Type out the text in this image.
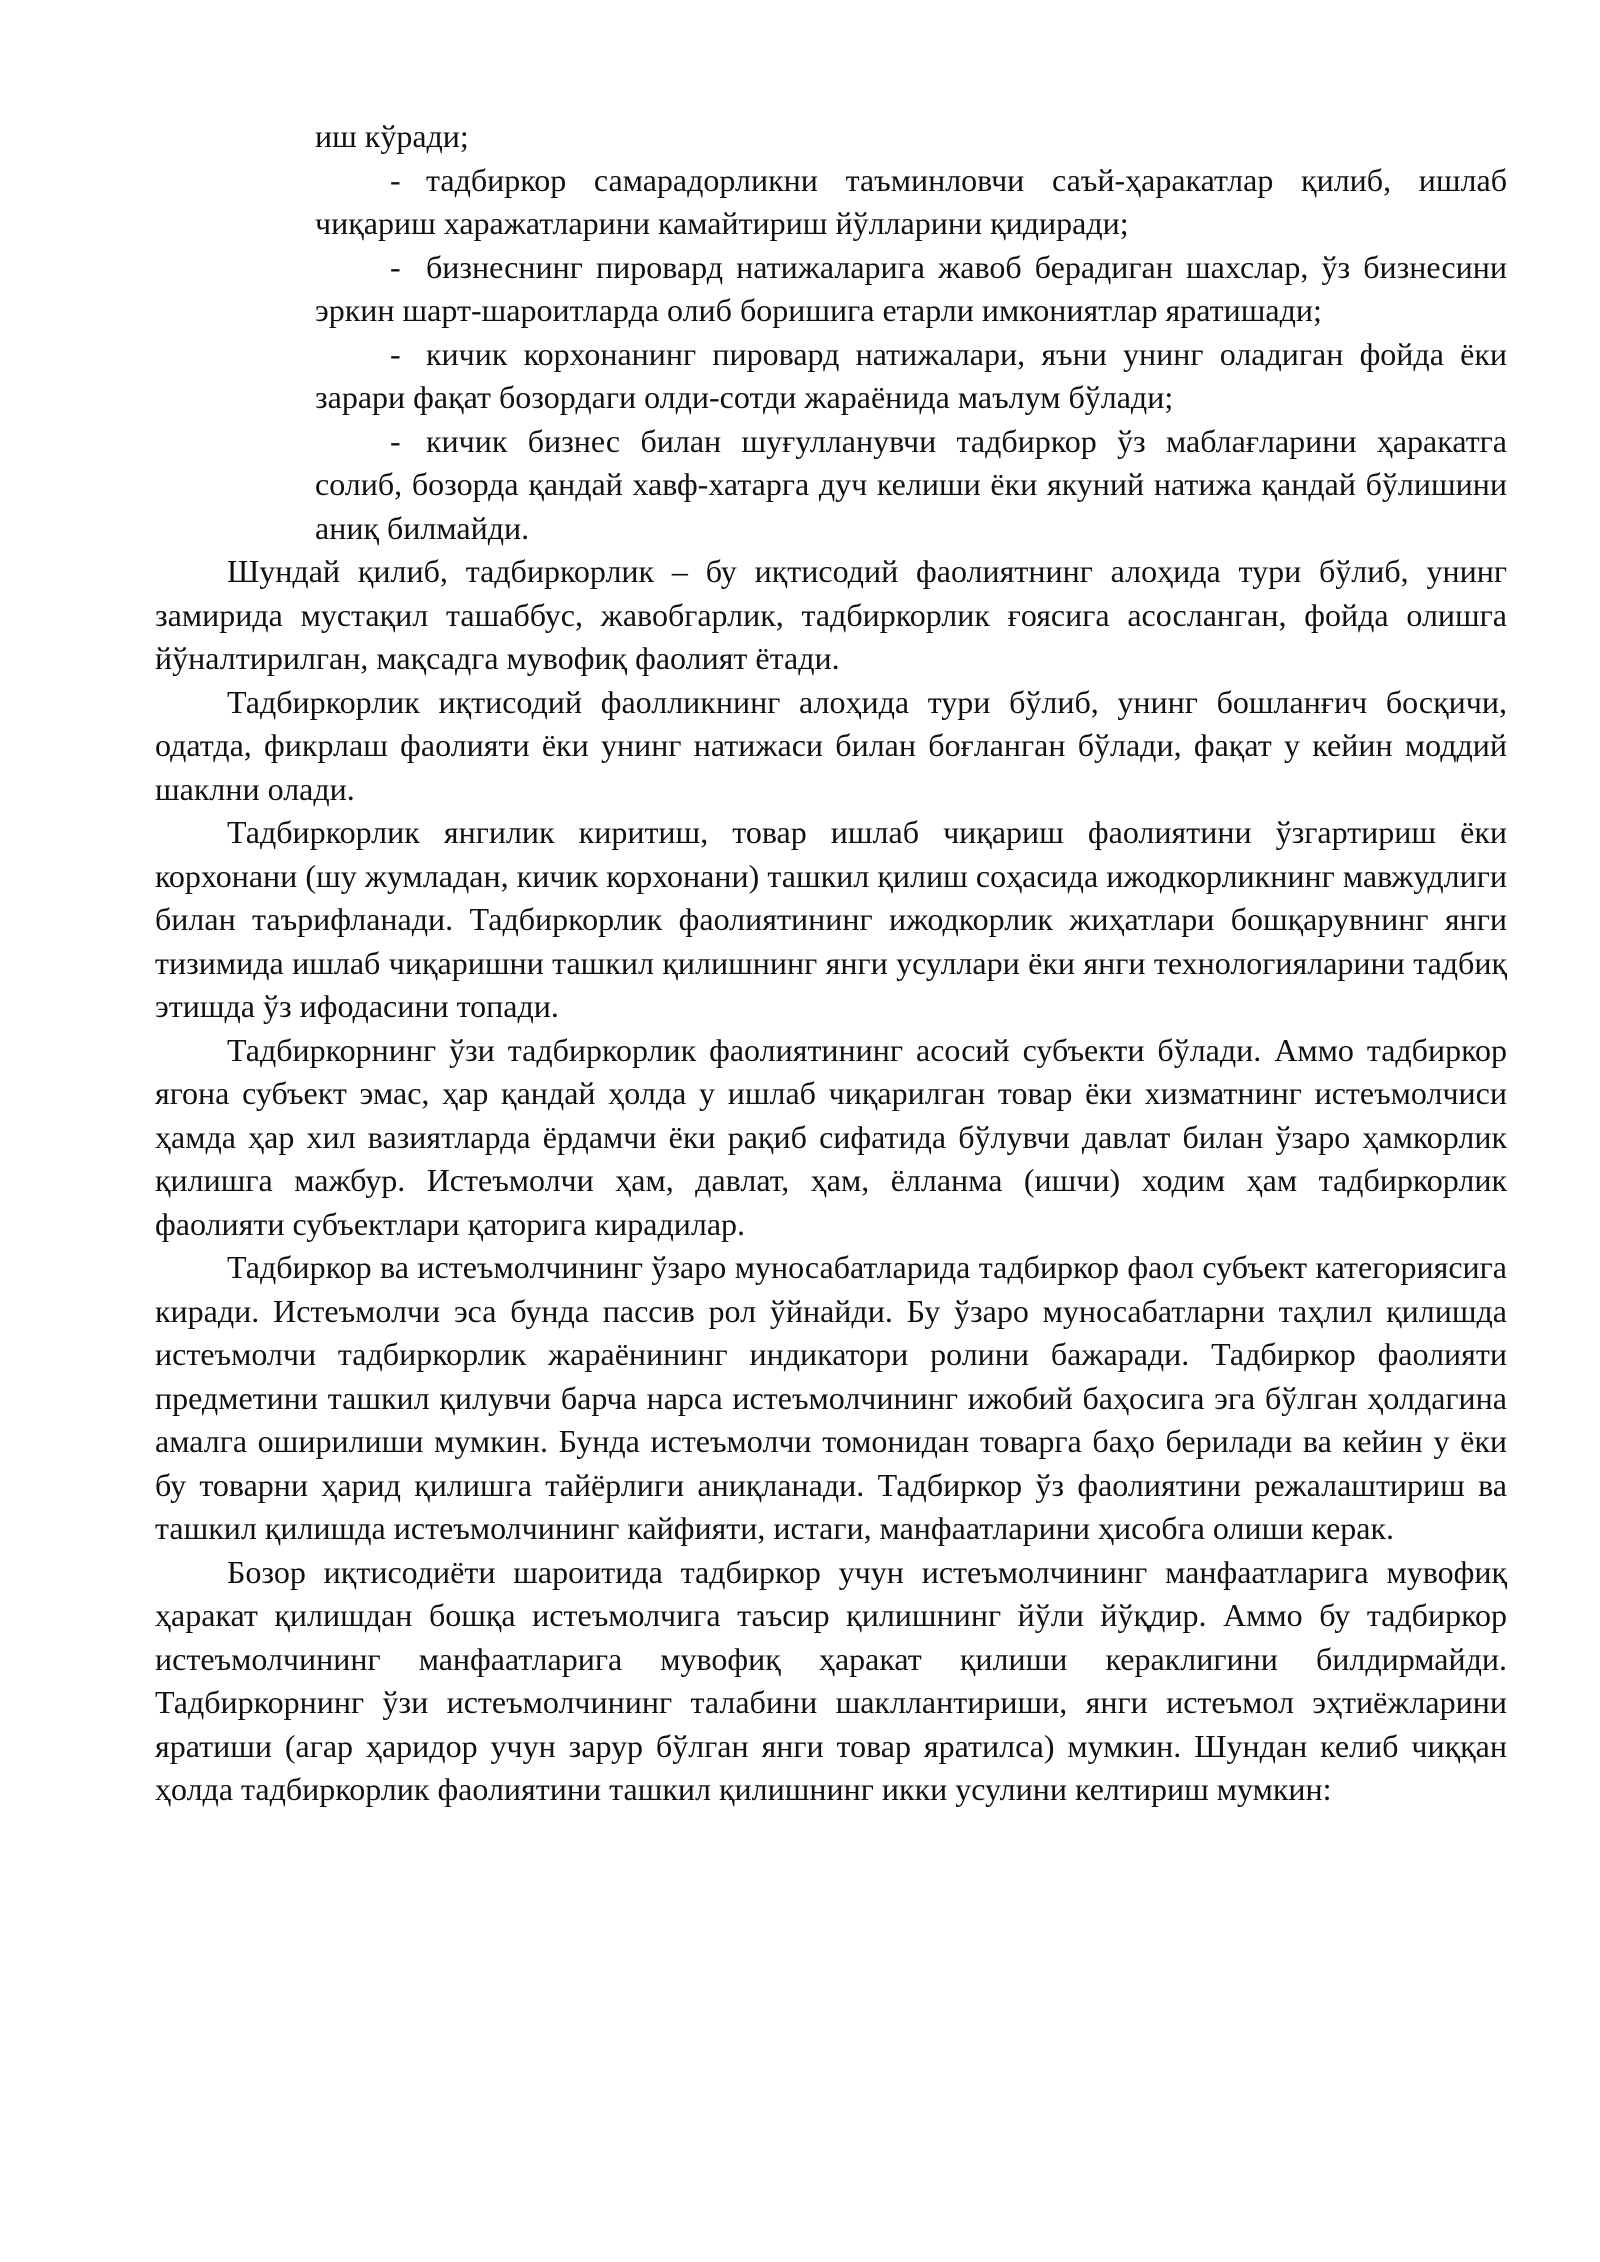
иш кўради;

- тадбиркор самарадорликни таъминловчи саъй-ҳаракатлар қилиб, ишлаб чиқариш харажатларини камайтириш йўлларини қидиради;

- бизнеснинг пировард натижаларига жавоб берадиган шахслар, ўз бизнесини эркин шарт-шароитларда олиб боришига етарли имкониятлар яратишади;

- кичик корхонанинг пировард натижалари, яъни унинг оладиган фойда ёки зарари фақат бозордаги олди-сотди жараёнида маълум бўлади;

- кичик бизнес билан шуғулланувчи тадбиркор ўз маблағларини ҳаракатга солиб, бозорда қандай хавф-хатарга дуч келиши ёки якуний натижа қандай бўлишини аниқ билмайди.

Шундай қилиб, тадбиркорлик – бу иқтисодий фаолиятнинг алоҳида тури бўлиб, унинг замирида мустақил ташаббус, жавобгарлик, тадбиркорлик ғоясига асосланган, фойда олишга йўналтирилган, мақсадга мувофиқ фаолият ётади.

Тадбиркорлик иқтисодий фаолликнинг алоҳида тури бўлиб, унинг бошланғич босқичи, одатда, фикрлаш фаолияти ёки унинг натижаси билан боғланган бўлади, фақат у кейин моддий шаклни олади.

Тадбиркорлик янгилик киритиш, товар ишлаб чиқариш фаолиятини ўзгартириш ёки корхонани (шу жумладан, кичик корхонани) ташкил қилиш соҳасида ижодкорликнинг мавжудлиги билан таърифланади. Тадбиркорлик фаолиятининг ижодкорлик жиҳатлари бошқарувнинг янги тизимида ишлаб чиқаришни ташкил қилишнинг янги усуллари ёки янги технологияларини тадбиқ этишда ўз ифодасини топади.

Тадбиркорнинг ўзи тадбиркорлик фаолиятининг асосий субъекти бўлади. Аммо тадбиркор ягона субъект эмас, ҳар қандай ҳолда у ишлаб чиқарилган товар ёки хизматнинг истеъмолчиси ҳамда ҳар хил вазиятларда ёрдамчи ёки рақиб сифатида бўлувчи давлат билан ўзаро ҳамкорлик қилишга мажбур. Истеъмолчи ҳам, давлат, ҳам, ёлланма (ишчи) ходим ҳам тадбиркорлик фаолияти субъектлари қаторига кирадилар.

Тадбиркор ва истеъмолчининг ўзаро муносабатларида тадбиркор фаол субъект категориясига киради. Истеъмолчи эса бунда пассив рол ўйнайди. Бу ўзаро муносабатларни таҳлил қилишда истеъмолчи тадбиркорлик жараёнининг индикатори ролини бажаради. Тадбиркор фаолияти предметини ташкил қилувчи барча нарса истеъмолчининг ижобий баҳосига эга бўлган ҳолдагина амалга оширилиши мумкин. Бунда истеъмолчи томонидан товарга баҳо берилади ва кейин у ёки бу товарни ҳарид қилишга тайёрлиги аниқланади. Тадбиркор ўз фаолиятини режалаштириш ва ташкил қилишда истеъмолчининг кайфияти, истаги, манфаатларини ҳисобга олиши керак.

Бозор иқтисодиёти шароитида тадбиркор учун истеъмолчининг манфаатларига мувофиқ ҳаракат қилишдан бошқа истеъмолчига таъсир қилишнинг йўли йўқдир. Аммо бу тадбиркор истеъмолчининг манфаатларига мувофиқ ҳаракат қилиши кераклигини билдирмайди. Тадбиркорнинг ўзи истеъмолчининг талабини шакллантириши, янги истеъмол эҳтиёжларини яратиши (агар ҳаридор учун зарур бўлган янги товар яратилса) мумкин. Шундан келиб чиққан ҳолда тадбиркорлик фаолиятини ташкил қилишнинг икки усулини келтириш мумкин:
